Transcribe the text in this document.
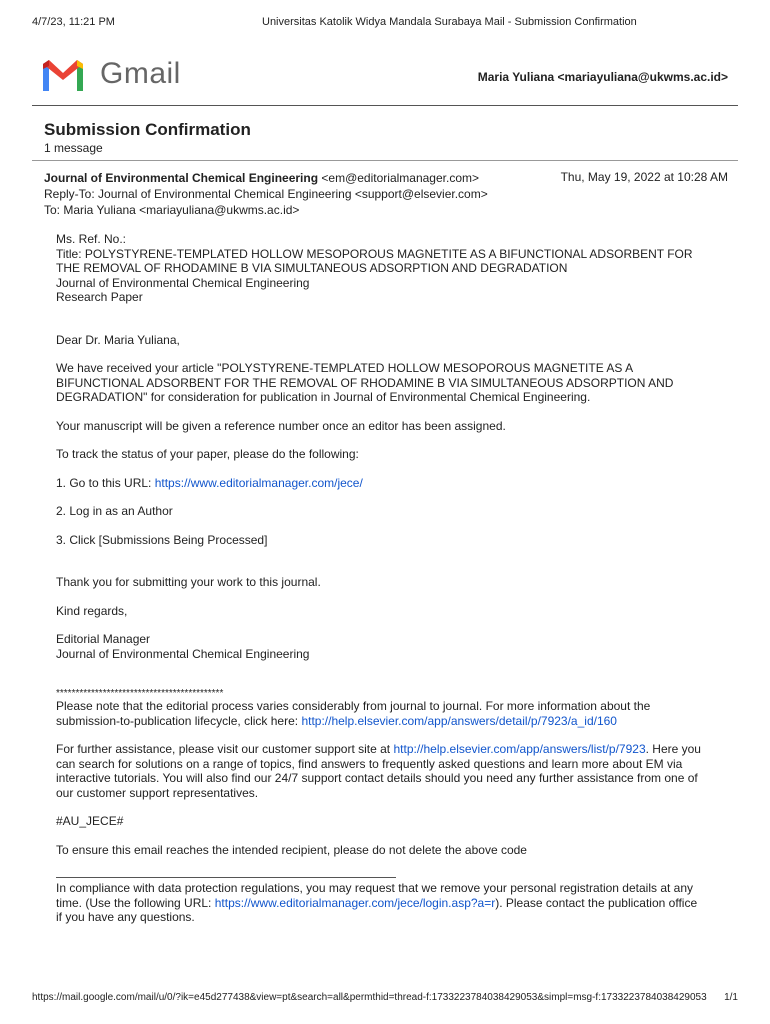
4/7/23, 11:21 PM	Universitas Katolik Widya Mandala Surabaya Mail - Submission Confirmation
Gmail	Maria Yuliana <mariayuliana@ukwms.ac.id>
Submission Confirmation
1 message
Journal of Environmental Chemical Engineering <em@editorialmanager.com>
Reply-To: Journal of Environmental Chemical Engineering <support@elsevier.com>
To: Maria Yuliana <mariayuliana@ukwms.ac.id>
Thu, May 19, 2022 at 10:28 AM

Ms. Ref. No.:

Title: POLYSTYRENE-TEMPLATED HOLLOW MESOPOROUS MAGNETITE AS A BIFUNCTIONAL ADSORBENT FOR

THE REMOVAL OF RHODAMINE B VIA SIMULTANEOUS ADSORPTION AND DEGRADATION

Journal of Environmental Chemical Engineering

Research Paper

Dear Dr. Maria Yuliana,

We have received your article "POLYSTYRENE-TEMPLATED HOLLOW MESOPOROUS MAGNETITE AS A

BIFUNCTIONAL ADSORBENT FOR THE REMOVAL OF RHODAMINE B VIA SIMULTANEOUS ADSORPTION AND

DEGRADATION" for consideration for publication in Journal of Environmental Chemical Engineering.

Your manuscript will be given a reference number once an editor has been assigned.

To track the status of your paper, please do the following:

1. Go to this URL: https://www.editorialmanager.com/jece/

2. Log in as an Author

3. Click [Submissions Being Processed]

Thank you for submitting your work to this journal.

Kind regards,

Editorial Manager

Journal of Environmental Chemical Engineering

*******************************************

Please note that the editorial process varies considerably from journal to journal. For more information about the

submission-to-publication lifecycle, click here: http://help.elsevier.com/app/answers/detail/p/7923/a_id/160

For further assistance, please visit our customer support site at http://help.elsevier.com/app/answers/list/p/7923. Here you

can search for solutions on a range of topics, find answers to frequently asked questions and learn more about EM via

interactive tutorials. You will also find our 24/7 support contact details should you need any further assistance from one of

our customer support representatives.

#AU_JECE#

To ensure this email reaches the intended recipient, please do not delete the above code

In compliance with data protection regulations, you may request that we remove your personal registration details at any

time. (Use the following URL: https://www.editorialmanager.com/jece/login.asp?a=r). Please contact the publication office

if you have any questions.

https://mail.google.com/mail/u/0/?ik=e45d277438&view=pt&search=all&permthid=thread-f:1733223784038429053&simpl=msg-f:1733223784038429053 1/1
